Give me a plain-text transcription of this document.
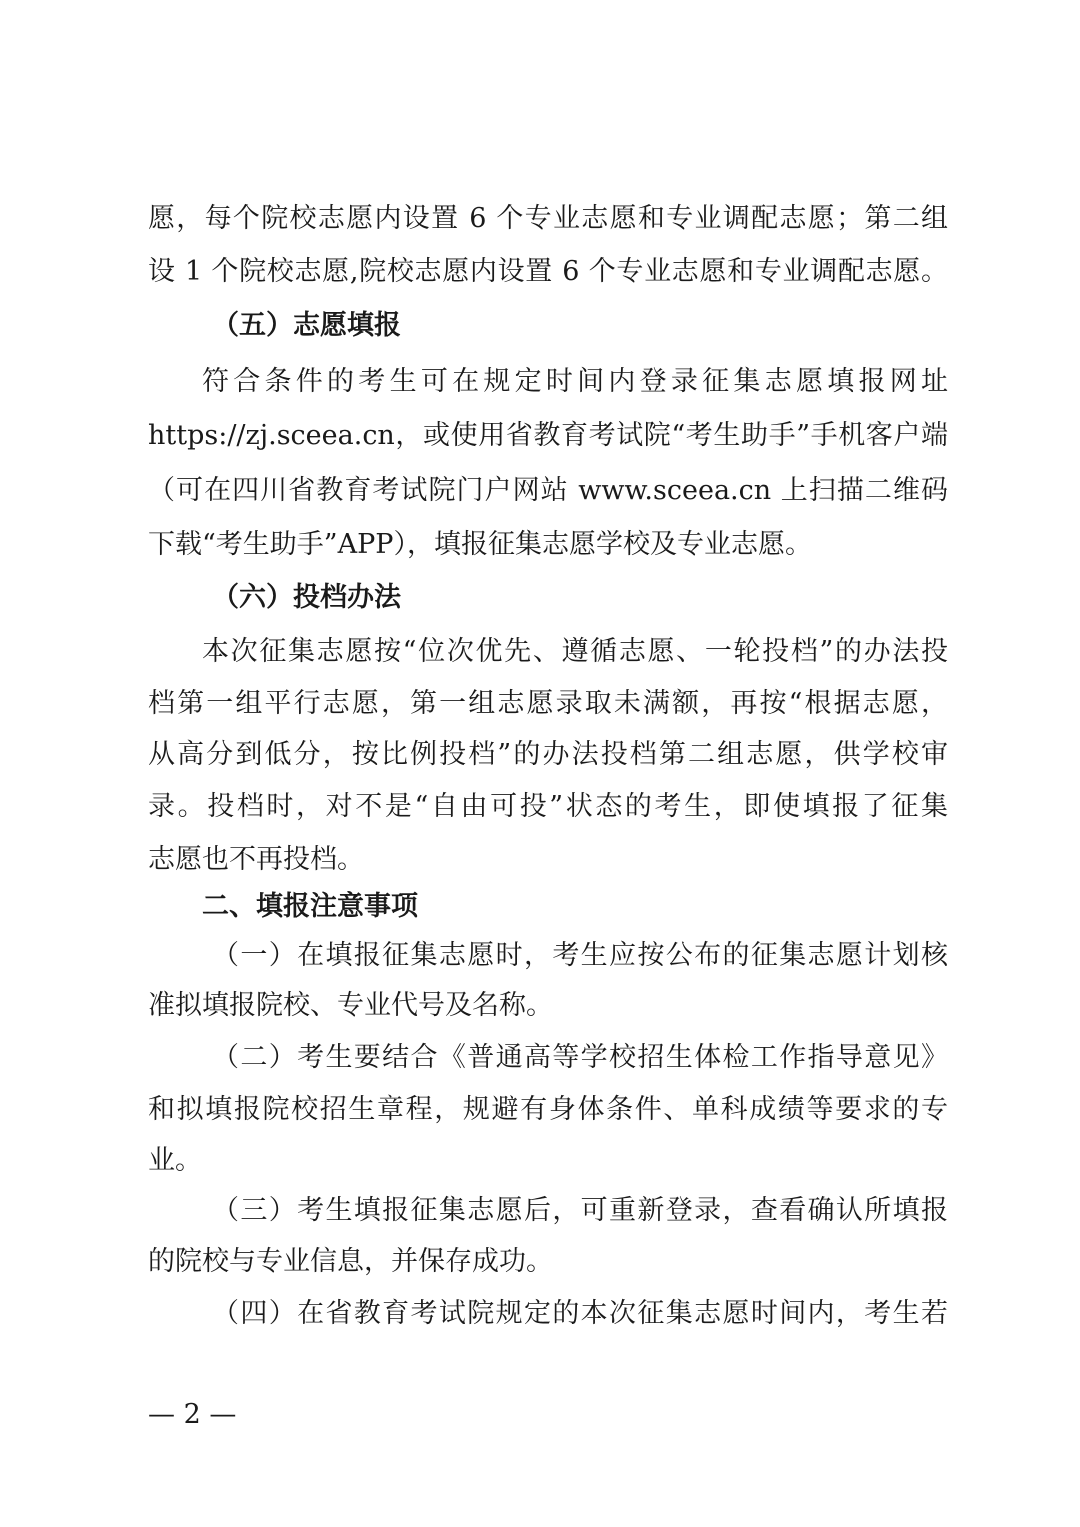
愿，每个院校志愿内设置 6 个专业志愿和专业调配志愿；第二组
设 1 个院校志愿,院校志愿内设置 6 个专业志愿和专业调配志愿。
（五）志愿填报
符合条件的考生可在规定时间内登录征集志愿填报网址
https://zj.sceea.cn，或使用省教育考试院“考生助手”手机客户端
（可在四川省教育考试院门户网站 www.sceea.cn 上扫描二维码
下载“考生助手”APP），填报征集志愿学校及专业志愿。
（六）投档办法
本次征集志愿按“位次优先、遵循志愿、一轮投档”的办法投
档第一组平行志愿，第一组志愿录取未满额，再按“根据志愿，
从高分到低分，按比例投档”的办法投档第二组志愿，供学校审
录。投档时，对不是“自由可投”状态的考生，即使填报了征集
志愿也不再投档。
二、填报注意事项
（一）在填报征集志愿时，考生应按公布的征集志愿计划核
准拟填报院校、专业代号及名称。
（二）考生要结合《普通高等学校招生体检工作指导意见》
和拟填报院校招生章程，规避有身体条件、单科成绩等要求的专
业。
（三）考生填报征集志愿后，可重新登录，查看确认所填报
的院校与专业信息，并保存成功。
（四）在省教育考试院规定的本次征集志愿时间内，考生若
— 2 —
